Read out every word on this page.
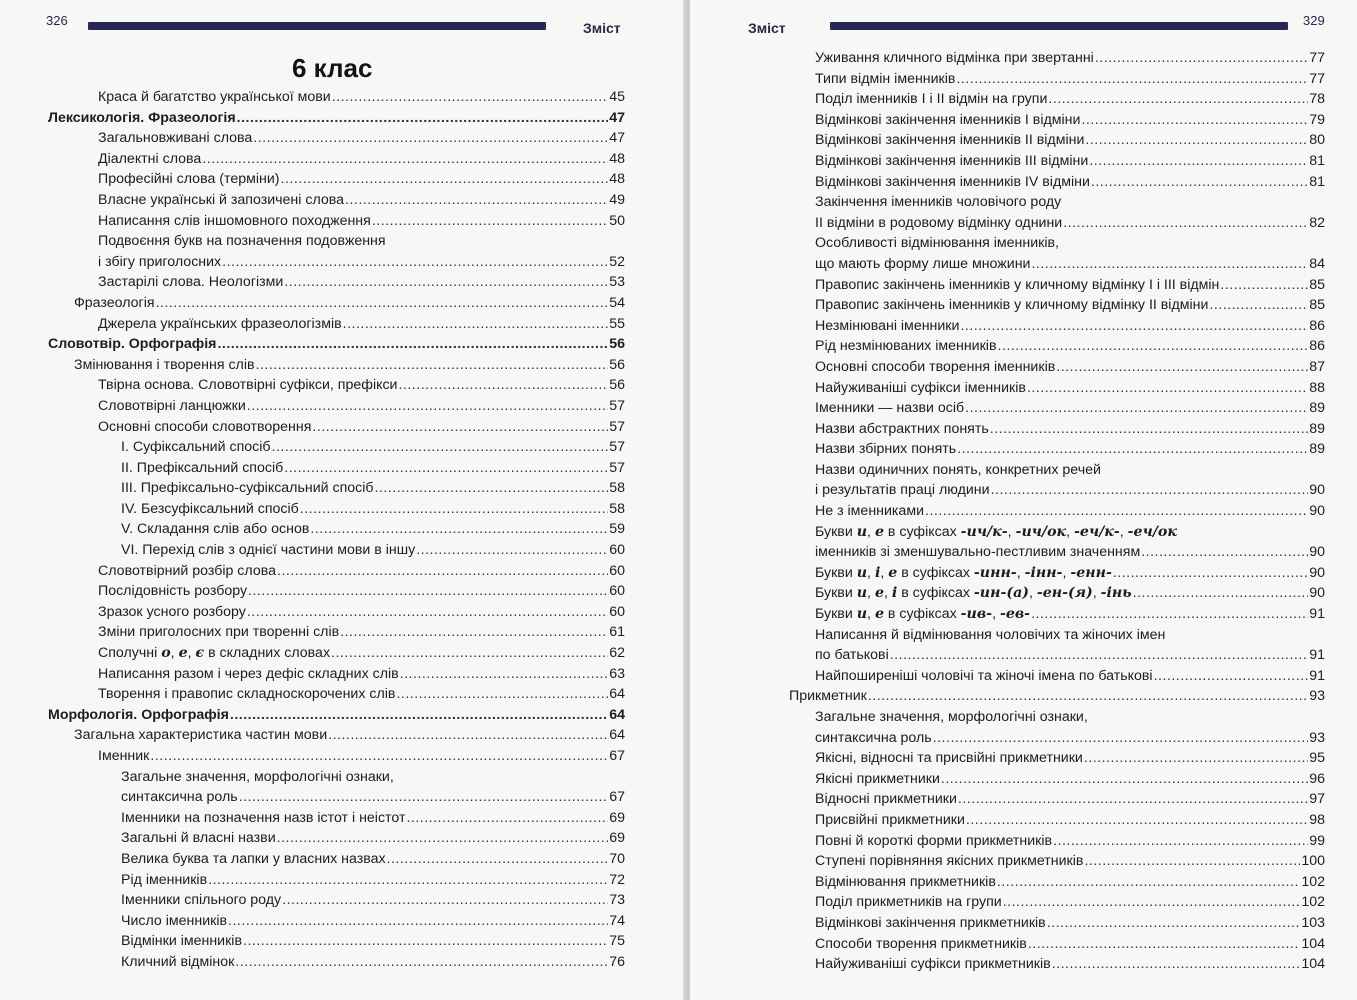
326	Зміст
6 клас
Краса й багатство української мови .....	45
Лексикологія. Фразеологія .....	47
Загальновживані слова .....	47
Діалектні слова .....	48
Професійні слова (терміни) .....	48
Власне українські й запозичені слова .....	49
Написання слів іншомовного походження .....	50
Подвоєння букв на позначення подовження
і збігу приголосних .....	52
Застарілі слова. Неологізми .....	53
Фразеологія .....	54
Джерела українських фразеологізмів .....	55
Словотвір. Орфографія .....	56
Змінювання і творення слів .....	56
Твірна основа. Словотвірні суфікси, префікси .....	56
Словотвірні ланцюжки .....	57
Основні способи словотворення .....	57
I. Суфіксальний спосіб .....	57
II. Префіксальний спосіб .....	57
III. Префіксально-суфіксальний спосіб .....	58
IV. Безсуфіксальний спосіб .....	58
V. Складання слів або основ .....	59
VI. Перехід слів з однієї частини мови в іншу .....	60
Словотвірний розбір слова .....	60
Послідовність розбору .....	60
Зразок усного розбору .....	60
Зміни приголосних при творенні слів .....	61
Сполучні о, е, є в складних словах .....	62
Написання разом і через дефіс складних слів .....	63
Творення і правопис складноскорочених слів .....	64
Морфологія. Орфографія .....	64
Загальна характеристика частин мови .....	64
Іменник .....	67
Загальне значення, морфологічні ознаки,
синтаксична роль .....	67
Іменники на позначення назв істот і неістот .....	69
Загальні й власні назви .....	69
Велика буква та лапки у власних назвах .....	70
Рід іменників .....	72
Іменники спільного роду .....	73
Число іменників .....	74
Відмінки іменників .....	75
Кличний відмінок .....	76
Зміст	329
Уживання кличного відмінка при звертанні .....	77
Типи відмін іменників .....	77
Поділ іменників I і II відмін на групи .....	78
Відмінкові закінчення іменників I відміни .....	79
Відмінкові закінчення іменників II відміни .....	80
Відмінкові закінчення іменників III відміни .....	81
Відмінкові закінчення іменників IV відміни .....	81
Закінчення іменників чоловічого роду
II відміни в родовому відмінку однини .....	82
Особливості відмінювання іменників,
що мають форму лише множини .....	84
Правопис закінчень іменників у кличному відмінку I і III відмін .....	85
Правопис закінчень іменників у кличному відмінку II відміни .....	85
Незмінювані іменники .....	86
Рід незмінюваних іменників .....	86
Основні способи творення іменників .....	87
Найуживаніші суфікси іменників .....	88
Іменники — назви осіб .....	89
Назви абстрактних понять .....	89
Назви збірних понять .....	89
Назви одиничних понять, конкретних речей
і результатів праці людини .....	90
Не з іменниками .....	90
Букви и, е в суфіксах -ич/к-, -ич/ок, -еч/к-, -еч/ок
іменників зі зменшувально-пестливим значенням .....	90
Букви и, і, е в суфіксах -инн-, -інн-, -енн- .....	90
Букви и, е, і в суфіксах -ин-(а), -ен-(я), -інь .....	90
Букви и, е в суфіксах -ив-, -ев- .....	91
Написання й відмінювання чоловічих та жіночих імен
по батькові .....	91
Найпоширеніші чоловічі та жіночі імена по батькові .....	91
Прикметник .....	93
Загальне значення, морфологічні ознаки,
синтаксична роль .....	93
Якісні, відносні та присвійні прикметники .....	95
Якісні прикметники .....	96
Відносні прикметники .....	97
Присвійні прикметники .....	98
Повні й короткі форми прикметників .....	99
Ступені порівняння якісних прикметників .....	100
Відмінювання прикметників .....	102
Поділ прикметників на групи .....	102
Відмінкові закінчення прикметників .....	103
Способи творення прикметників .....	104
Найуживаніші суфікси прикметників .....	104
